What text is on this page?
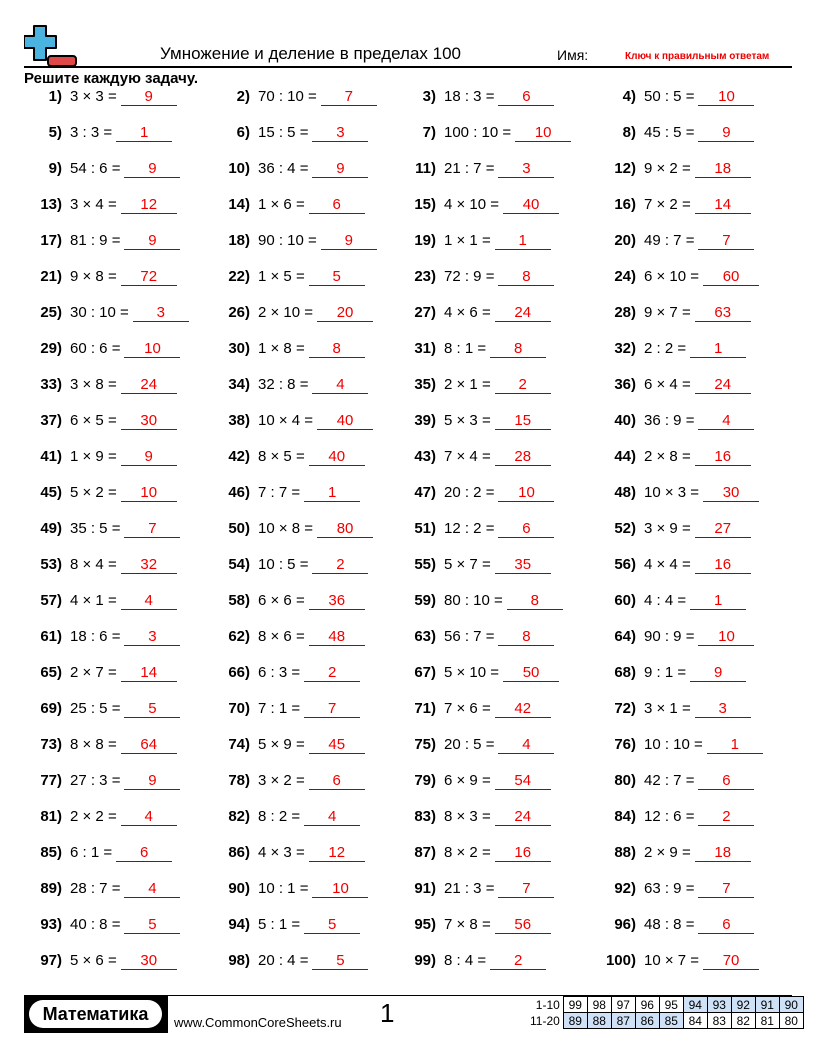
Умножение и деление в пределах 100	Имя:	Ключ к правильным ответам
Решите каждую задачу.
1) 3 × 3 =	9	2) 70 : 10 =	7	3) 18 : 3 =	6	4) 50 : 5 =	10
5) 3 : 3 =	1	6) 15 : 5 =	3	7) 100 : 10 =	10	8) 45 : 5 =	9
9) 54 : 6 =	9	10) 36 : 4 =	9	11) 21 : 7 =	3	12) 9 × 2 =	18
13) 3 × 4 =	12	14) 1 × 6 =	6	15) 4 × 10 =	40	16) 7 × 2 =	14
17) 81 : 9 =	9	18) 90 : 10 =	9	19) 1 × 1 =	1	20) 49 : 7 =	7
21) 9 × 8 =	72	22) 1 × 5 =	5	23) 72 : 9 =	8	24) 6 × 10 =	60
25) 30 : 10 =	3	26) 2 × 10 =	20	27) 4 × 6 =	24	28) 9 × 7 =	63
29) 60 : 6 =	10	30) 1 × 8 =	8	31) 8 : 1 =	8	32) 2 : 2 =	1
33) 3 × 8 =	24	34) 32 : 8 =	4	35) 2 × 1 =	2	36) 6 × 4 =	24
37) 6 × 5 =	30	38) 10 × 4 =	40	39) 5 × 3 =	15	40) 36 : 9 =	4
41) 1 × 9 =	9	42) 8 × 5 =	40	43) 7 × 4 =	28	44) 2 × 8 =	16
45) 5 × 2 =	10	46) 7 : 7 =	1	47) 20 : 2 =	10	48) 10 × 3 =	30
49) 35 : 5 =	7	50) 10 × 8 =	80	51) 12 : 2 =	6	52) 3 × 9 =	27
53) 8 × 4 =	32	54) 10 : 5 =	2	55) 5 × 7 =	35	56) 4 × 4 =	16
57) 4 × 1 =	4	58) 6 × 6 =	36	59) 80 : 10 =	8	60) 4 : 4 =	1
61) 18 : 6 =	3	62) 8 × 6 =	48	63) 56 : 7 =	8	64) 90 : 9 =	10
65) 2 × 7 =	14	66) 6 : 3 =	2	67) 5 × 10 =	50	68) 9 : 1 =	9
69) 25 : 5 =	5	70) 7 : 1 =	7	71) 7 × 6 =	42	72) 3 × 1 =	3
73) 8 × 8 =	64	74) 5 × 9 =	45	75) 20 : 5 =	4	76) 10 : 10 =	1
77) 27 : 3 =	9	78) 3 × 2 =	6	79) 6 × 9 =	54	80) 42 : 7 =	6
81) 2 × 2 =	4	82) 8 : 2 =	4	83) 8 × 3 =	24	84) 12 : 6 =	2
85) 6 : 1 =	6	86) 4 × 3 =	12	87) 8 × 2 =	16	88) 2 × 9 =	18
89) 28 : 7 =	4	90) 10 : 1 =	10	91) 21 : 3 =	7	92) 63 : 9 =	7
93) 40 : 8 =	5	94) 5 : 1 =	5	95) 7 × 8 =	56	96) 48 : 8 =	6
97) 5 × 6 =	30	98) 20 : 4 =	5	99) 8 : 4 =	2	100) 10 × 7 =	70
Математика	www.CommonCoreSheets.ru 1	1-10	99	98	97	96	95	94	93	92	91	90
11-20	89	88	87	86	85	84	83	82	81	80
